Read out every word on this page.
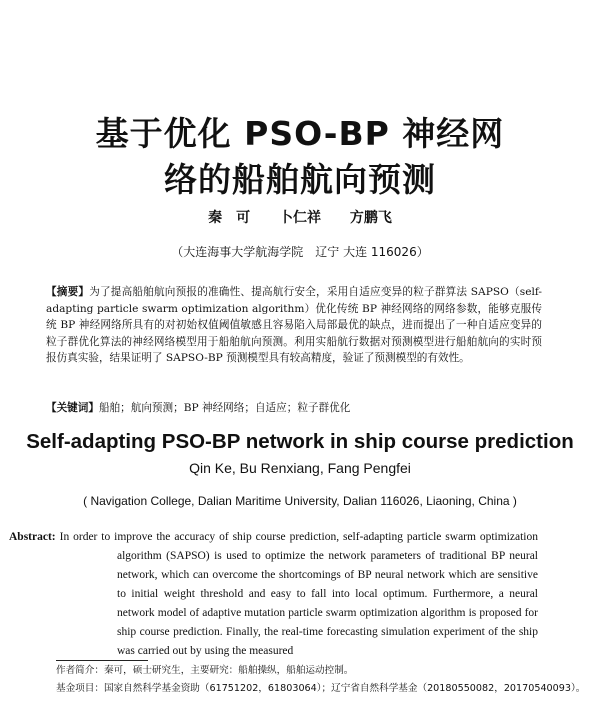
基于优化 PSO-BP 神经网
络的船舶航向预测
秦　可 卜仁祥 方鹏飞
（大连海事大学航海学院　辽宁 大连 116026）
【摘要】为了提高船舶航向预报的准确性、提高航行安全，采用自适应变异的粒子群算法 SAPSO（self-adapting particle swarm optimization algorithm）优化传统 BP 神经网络的网络参数，能够克服传统 BP 神经网络所具有的对初始权值阈值敏感且容易陷入局部最优的缺点，进而提出了一种自适应变异的粒子群优化算法的神经网络模型用于船舶航向预测。利用实船航行数据对预测模型进行船舶航向的实时预报仿真实验，结果证明了 SAPSO-BP 预测模型具有较高精度，验证了预测模型的有效性。
【关键词】船舶；航向预测；BP 神经网络；自适应；粒子群优化
Self-adapting PSO-BP network in ship course prediction
Qin Ke, Bu Renxiang, Fang Pengfei
( Navigation College, Dalian Maritime University, Dalian 116026, Liaoning, China )
Abstract: In order to improve the accuracy of ship course prediction, self-adapting particle swarm optimization algorithm (SAPSO) is used to optimize the network parameters of traditional BP neural network, which can overcome the shortcomings of BP neural network which are sensitive to initial weight threshold and easy to fall into local optimum. Furthermore, a neural network model of adaptive mutation particle swarm optimization algorithm is proposed for ship course prediction. Finally, the real-time forecasting simulation experiment of the ship was carried out by using the measured
作者简介：秦可，硕士研究生，主要研究：船舶操纵，船舶运动控制。
基金项目：国家自然科学基金资助（61751202，61803064）；辽宁省自然科学基金（20180550082，20170540093）。
